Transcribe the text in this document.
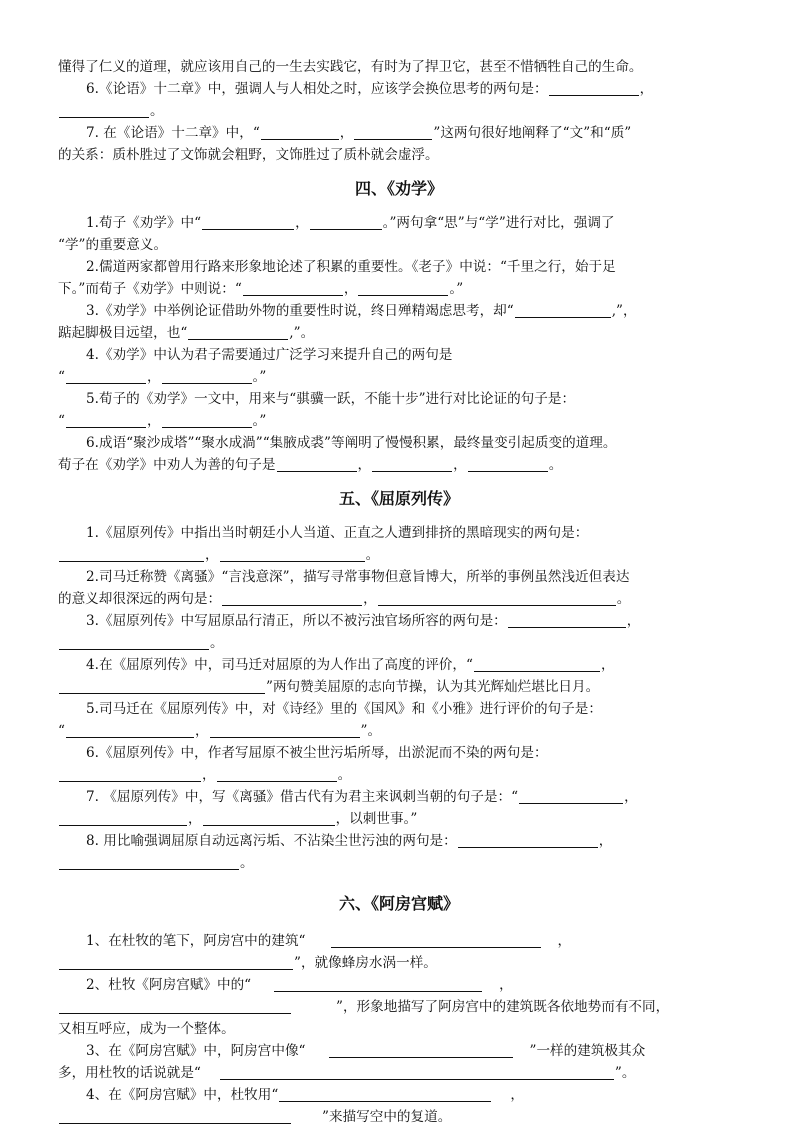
懂得了仁义的道理，就应该用自己的一生去实践它，有时为了捍卫它，甚至不惜牺牲自己的生命。
6.《论语》十二章》中，强调人与人相处之时，应该学会换位思考的两句是：	，
。
7. 在《论语》十二章》中，“	，	”这两句很好地阐释了“文”和“质”
的关系：质朴胜过了文饰就会粗野，文饰胜过了质朴就会虚浮。
四、《劝学》
1.荀子《劝学》中“	，	。”两句拿“思”与“学”进行对比，强调了
“学”的重要意义。
2.儒道两家都曾用行路来形象地论述了积累的重要性。《老子》中说：“千里之行，始于足
下。”而荀子《劝学》中则说：“	，	。”
3.《劝学》中举例论证借助外物的重要性时说，终日殚精竭虑思考，却“	,”，
踮起脚极目远望，也“	,”。
4.《劝学》中认为君子需要通过广泛学习来提升自己的两句是
“	，	。”
5.荀子的《劝学》一文中，用来与“骐骥一跃，不能十步”进行对比论证的句子是：
“	，	。”
6.成语“聚沙成塔”“聚水成渦”“集腋成裘”等阐明了慢慢积累，最终量变引起质变的道理。
荀子在《劝学》中劝人为善的句子是	，	，	。
五、《屈原列传》
1.《屈原列传》中指出当时朝廷小人当道、正直之人遭到排挤的黑暗现实的两句是：
，	。
2.司马迁称赞《离骚》“言浅意深”，描写寻常事物但意旨博大，所举的事例虽然浅近但表达
的意义却很深远的两句是：	，	。
3.《屈原列传》中写屈原品行清正，所以不被污浊官场所容的两句是：	，
。
4.在《屈原列传》中，司马迁对屈原的为人作出了高度的评价，“	，
”两句赞美屈原的志向节操，认为其光辉灿烂堪比日月。
5.司马迁在《屈原列传》中，对《诗经》里的《国风》和《小雅》进行评价的句子是：
“	，	”。
6.《屈原列传》中，作者写屈原不被尘世污垢所辱，出淤泥而不染的两句是：
，	。
7. 《屈原列传》中，写《离骚》借古代有为君主来讽刺当朝的句子是：“	，
，	，以刺世事。”
8. 用比喻强调屈原自动远离污垢、不沾染尘世污浊的两句是：	，
。
六、《阿房宫赋》
1、在杜牧的笔下，阿房宫中的建筑“	，
”，就像蜂房水涡一样。
2、杜牧《阿房宫赋》中的“	，
”，形象地描写了阿房宫中的建筑既各依地势而有不同，
又相互呼应，成为一个整体。
3、在《阿房宫赋》中，阿房宫中像“	”一样的建筑极其众
多，用杜牧的话说就是“	”。
4、在《阿房宫赋》中，杜牧用“	，
”来描写空中的复道。
